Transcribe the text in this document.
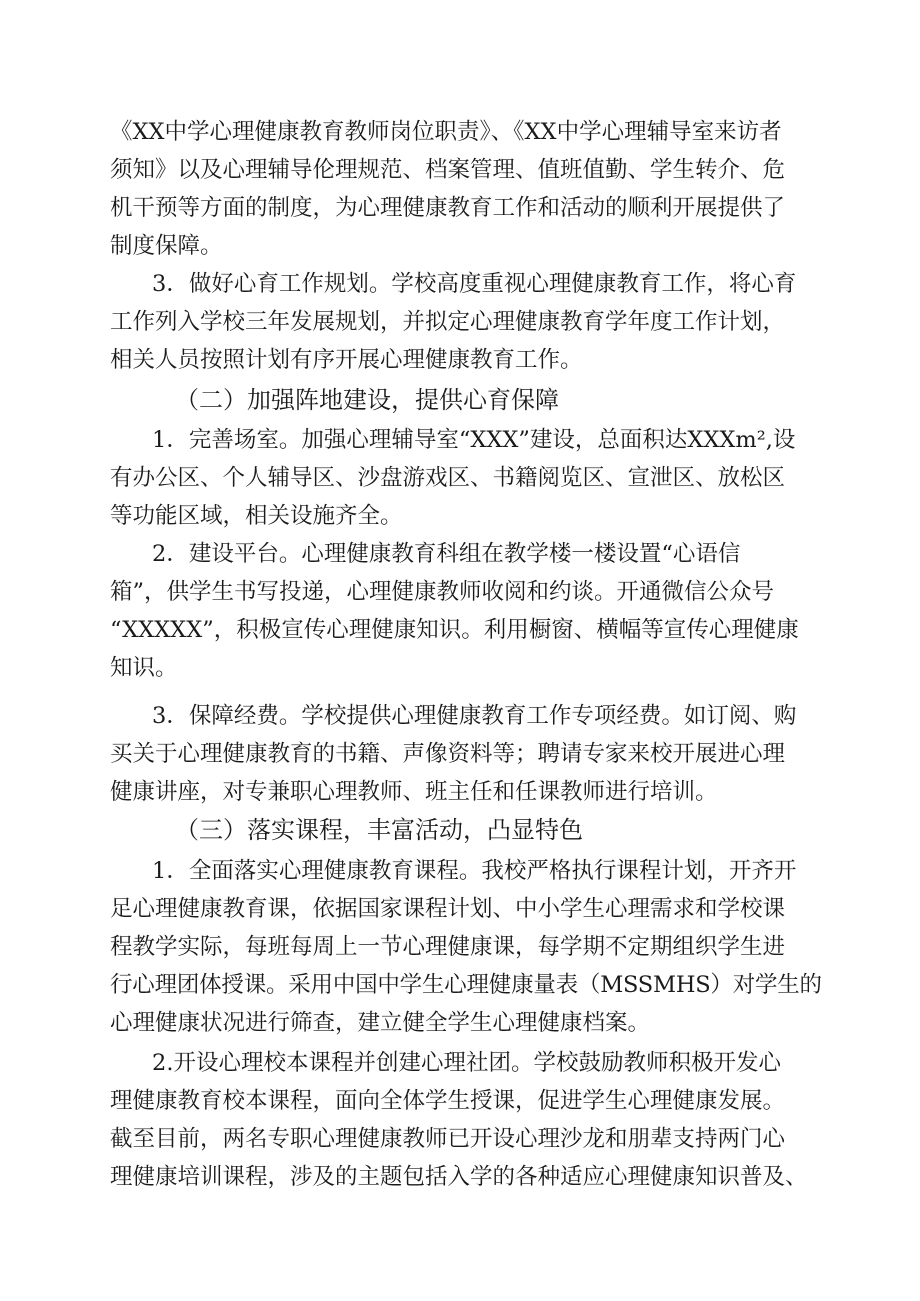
《XX中学心理健康教育教师岗位职责》、《XX中学心理辅导室来访者
须知》以及心理辅导伦理规范、档案管理、值班值勤、学生转介、危
机干预等方面的制度，为心理健康教育工作和活动的顺利开展提供了
制度保障。
3．做好心育工作规划。学校高度重视心理健康教育工作，将心育
工作列入学校三年发展规划，并拟定心理健康教育学年度工作计划，
相关人员按照计划有序开展心理健康教育工作。
（二）加强阵地建设，提供心育保障
1．完善场室。加强心理辅导室“XXX”建设，总面积达XXXm²,设
有办公区、个人辅导区、沙盘游戏区、书籍阅览区、宣泄区、放松区
等功能区域，相关设施齐全。
2．建设平台。心理健康教育科组在教学楼一楼设置“心语信
箱”，供学生书写投递，心理健康教师收阅和约谈。开通微信公众号
“XXXXX”，积极宣传心理健康知识。利用橱窗、横幅等宣传心理健康
知识。
3．保障经费。学校提供心理健康教育工作专项经费。如订阅、购
买关于心理健康教育的书籍、声像资料等；聘请专家来校开展进心理
健康讲座，对专兼职心理教师、班主任和任课教师进行培训。
（三）落实课程，丰富活动，凸显特色
1．全面落实心理健康教育课程。我校严格执行课程计划，开齐开
足心理健康教育课，依据国家课程计划、中小学生心理需求和学校课
程教学实际，每班每周上一节心理健康课，每学期不定期组织学生进
行心理团体授课。采用中国中学生心理健康量表（MSSMHS）对学生的
心理健康状况进行筛查，建立健全学生心理健康档案。
2.开设心理校本课程并创建心理社团。学校鼓励教师积极开发心
理健康教育校本课程，面向全体学生授课，促进学生心理健康发展。
截至目前，两名专职心理健康教师已开设心理沙龙和朋辈支持两门心
理健康培训课程，涉及的主题包括入学的各种适应心理健康知识普及、
